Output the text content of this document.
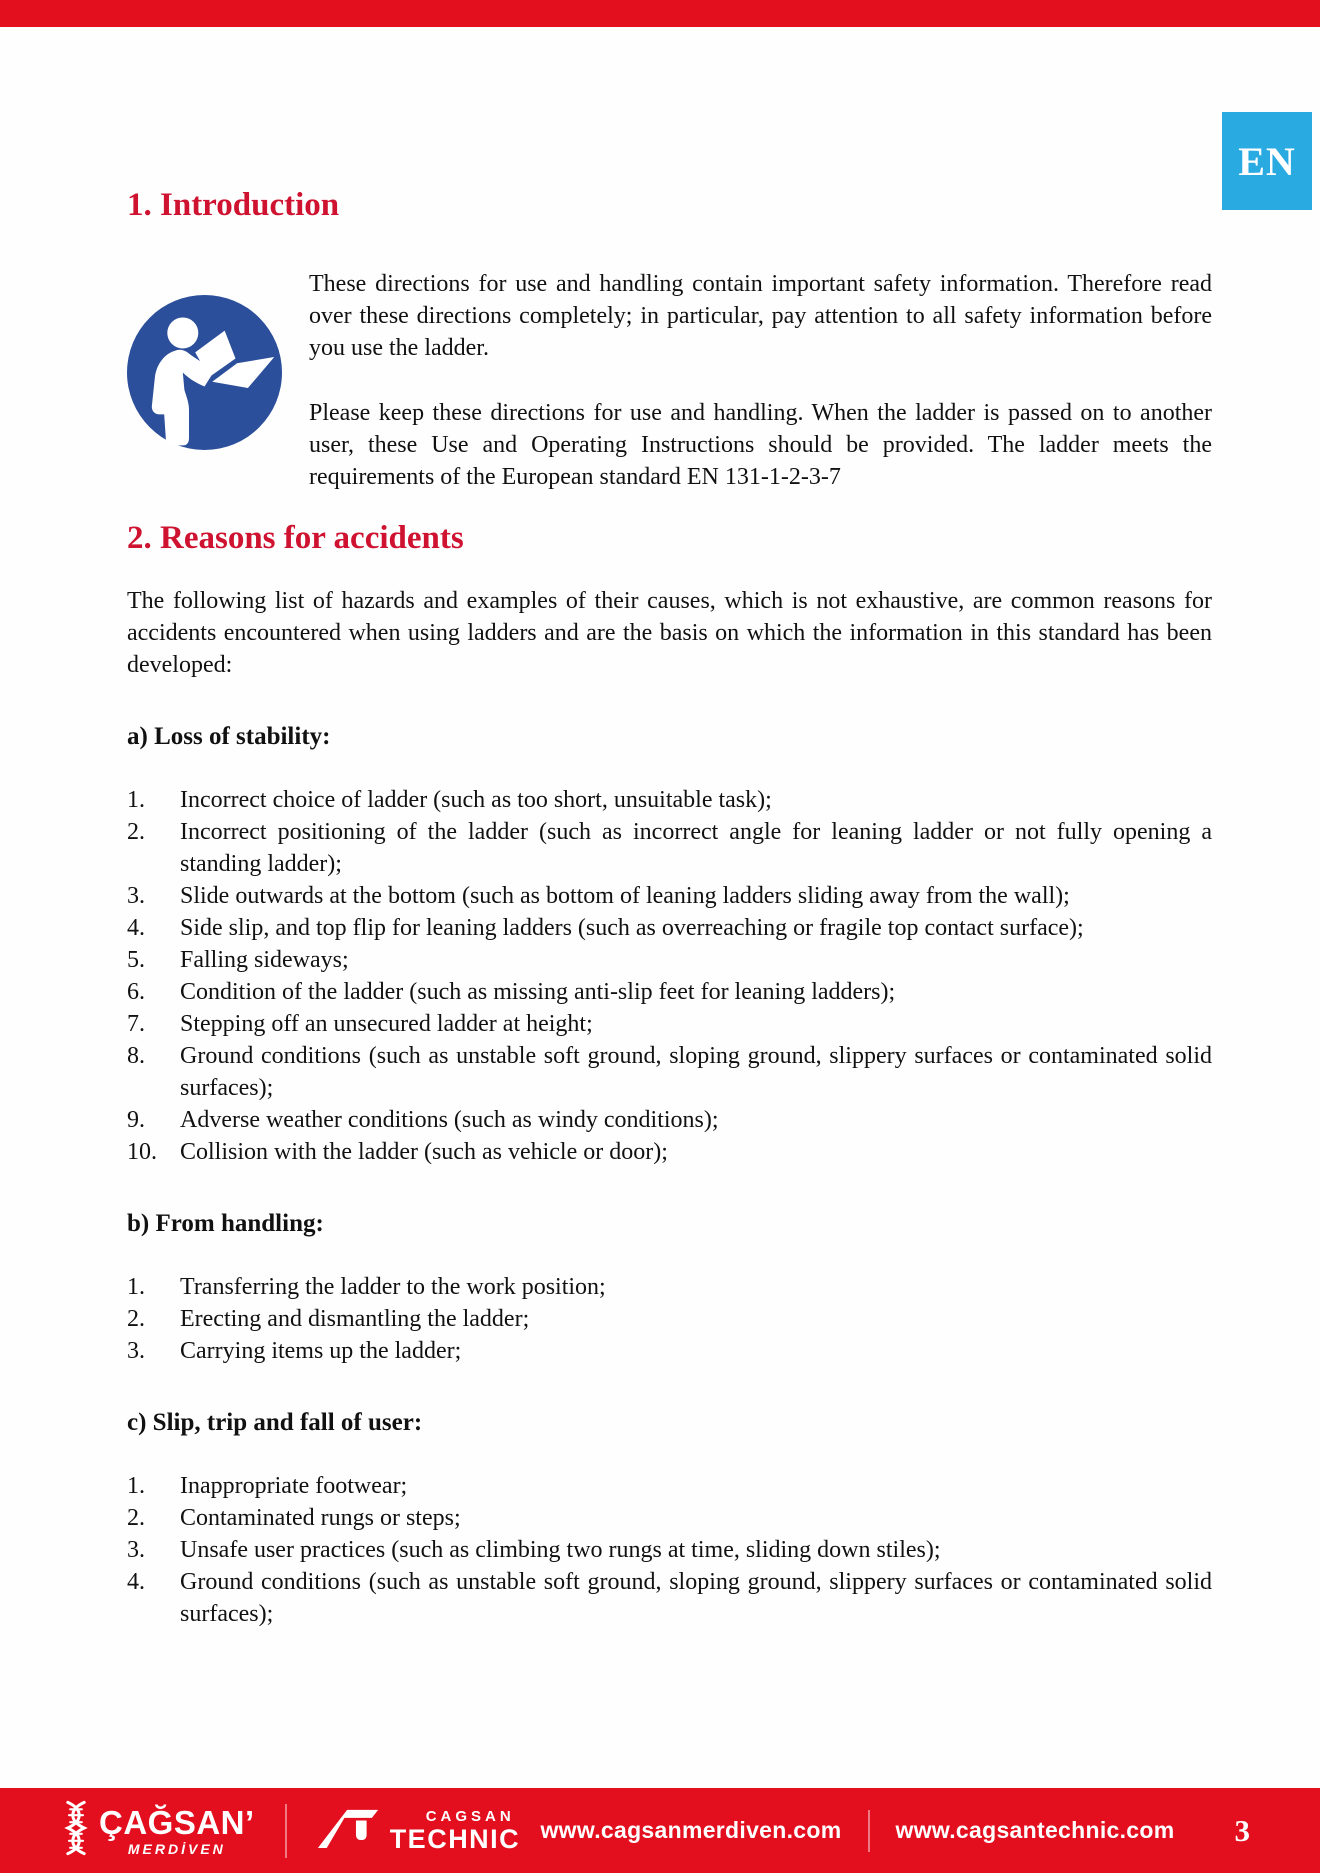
EN
1. Introduction

These directions for use and handling contain important safety information. Therefore read over these directions completely; in particular, pay attention to all safety information before you use the ladder.

Please keep these directions for use and handling. When the ladder is passed on to another user, these Use and Operating Instructions should be provided. The ladder meets the requirements of the European standard EN 131-1-2-3-7

2. Reasons for accidents

The following list of hazards and examples of their causes, which is not exhaustive, are common reasons for accidents encountered when using ladders and are the basis on which the information in this standard has been developed:

a) Loss of stability:
1.	Incorrect choice of ladder (such as too short, unsuitable task);
2.	Incorrect positioning of the ladder (such as incorrect angle for leaning ladder or not fully opening a standing ladder);
3.	Slide outwards at the bottom (such as bottom of leaning ladders sliding away from the wall);
4.	Side slip, and top flip for leaning ladders (such as overreaching or fragile top contact surface);
5.	Falling sideways;
6.	Condition of the ladder (such as missing anti-slip feet for leaning ladders);
7.	Stepping off an unsecured ladder at height;
8.	Ground conditions (such as unstable soft ground, sloping ground, slippery surfaces or contaminated solid surfaces);
9.	Adverse weather conditions (such as windy conditions);
10. Collision with the ladder (such as vehicle or door);
b) From handling:
1.	Transferring the ladder to the work position;
2.	Erecting and dismantling the ladder;
3.	Carrying items up the ladder;
c) Slip, trip and fall of user:
1.	Inappropriate footwear;
2.	Contaminated rungs or steps;
3.	Unsafe user practices (such as climbing two rungs at time, sliding down stiles);
4.	Ground conditions (such as unstable soft ground, sloping ground, slippery surfaces or contaminated solid surfaces);
ÇAĞSAN’
MERDİVEN
CAGSAN
TECHNIC www.cagsanmerdiven.com www.cagsantechnic.com 3
